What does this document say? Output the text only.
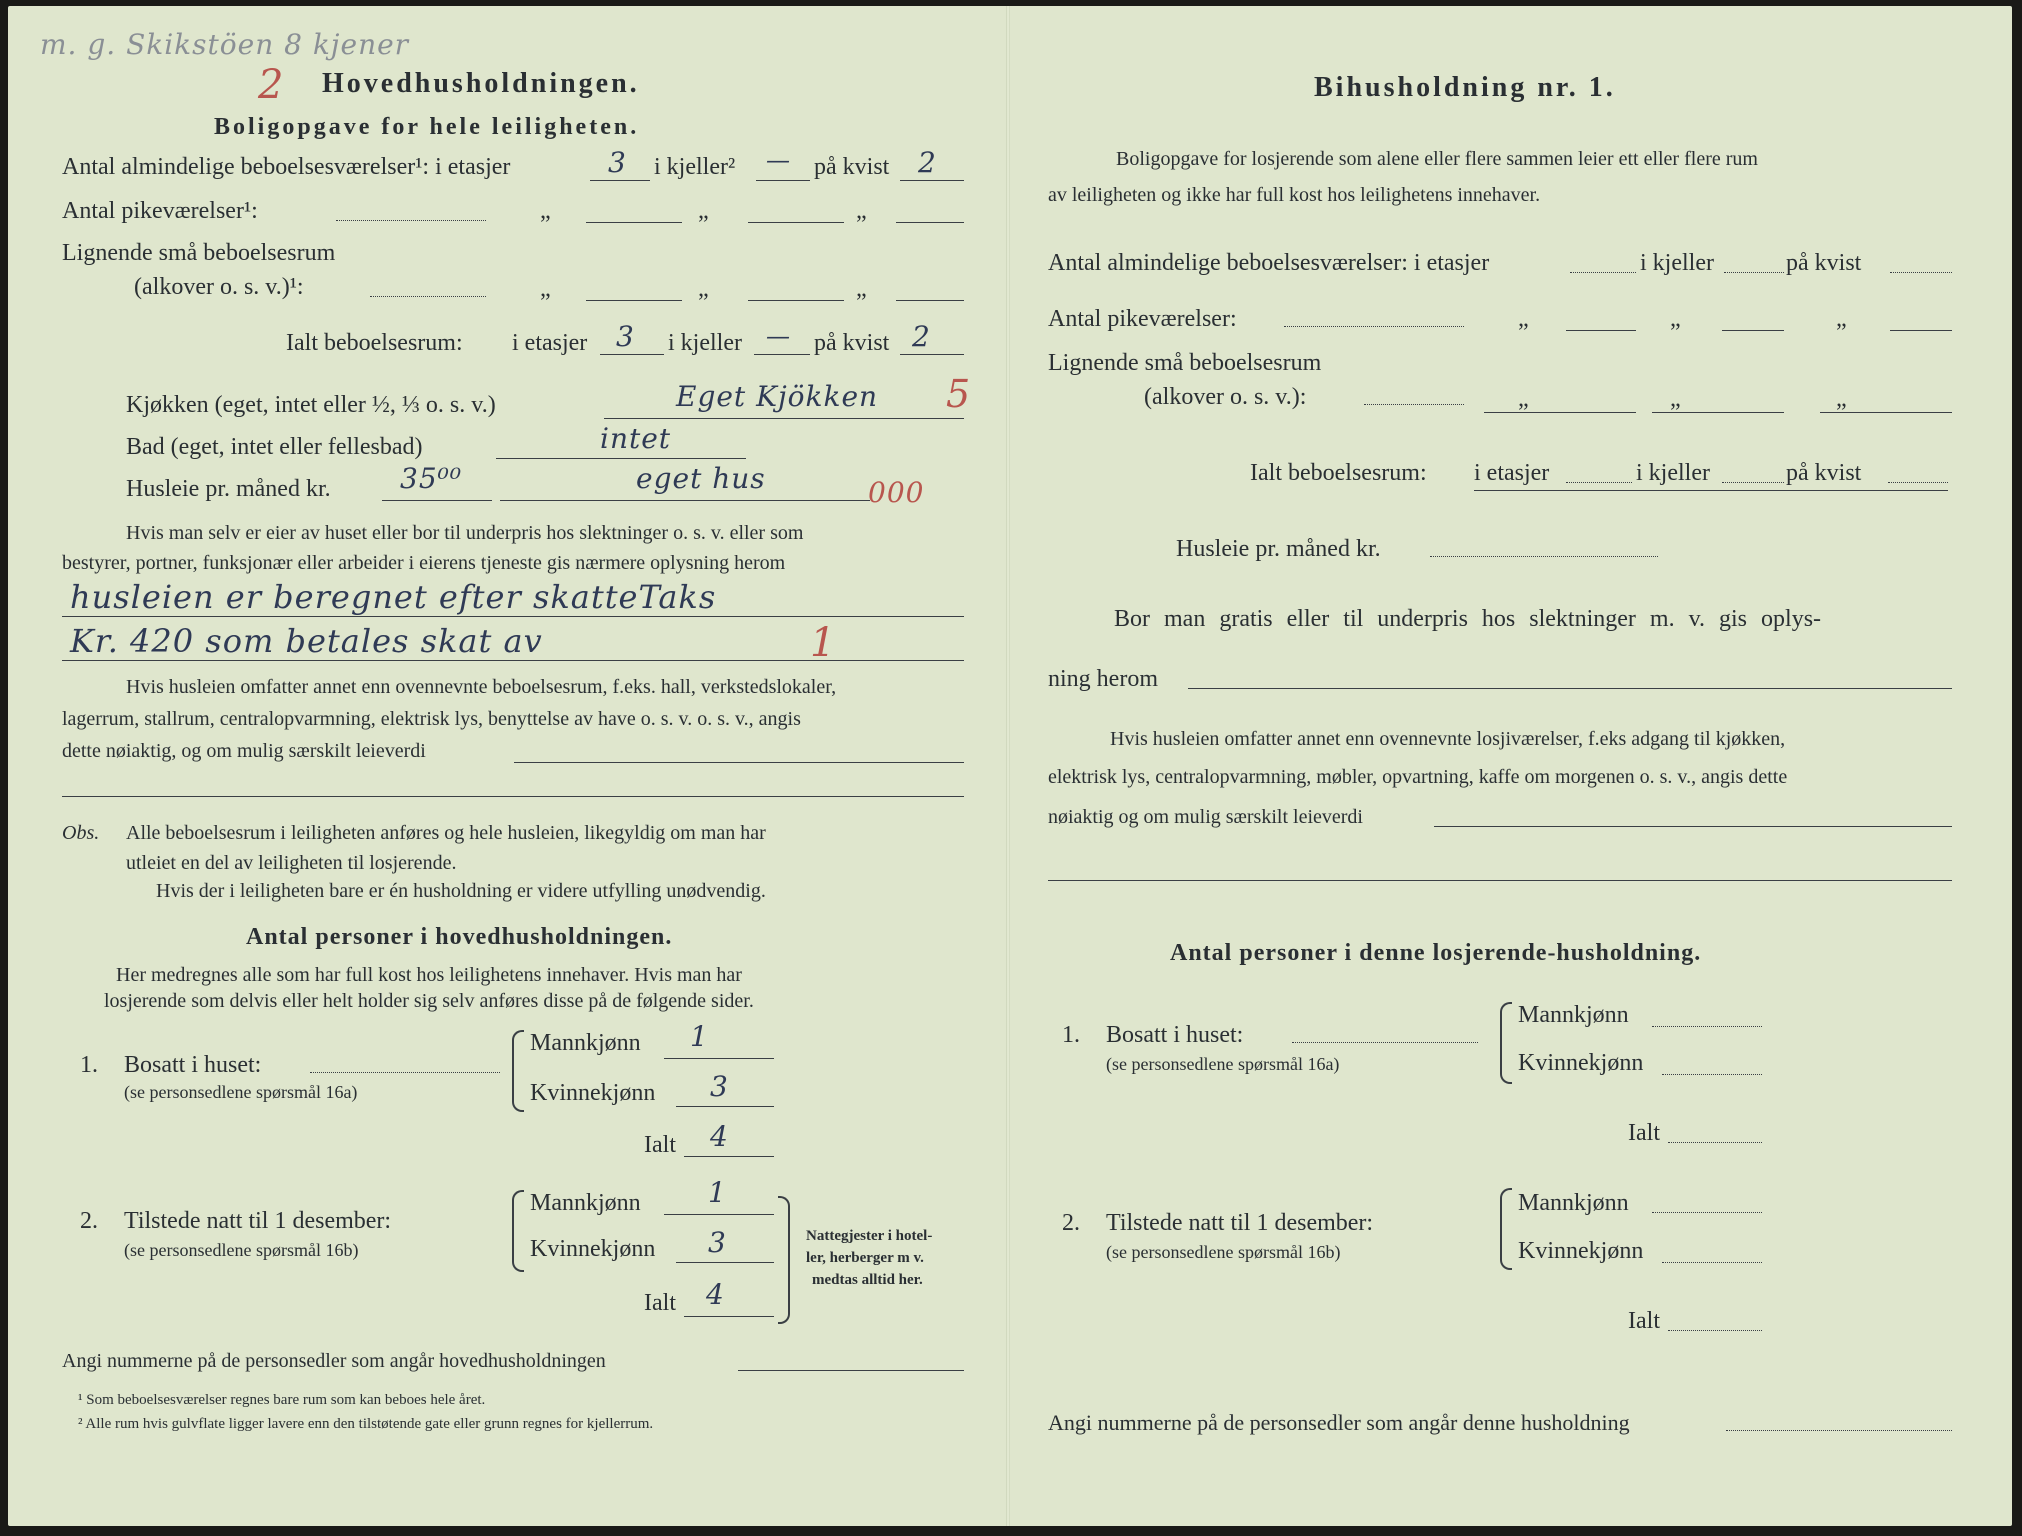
m. g. Skikstöen 8 kjener
2 Hovedhusholdningen.
Boligopgave for hele leiligheten.
Antal almindelige beboelsesværelser¹: i etasjer	3 i kjeller² — på kvist 2
Antal pikeværelser¹:	„	„	„
Lignende små beboelsesrum
(alkover o. s. v.)¹:	„	„	„
Ialt beboelsesrum: i etasjer 3 i kjeller — på kvist 2
Kjøkken (eget, intet eller ½, ⅓ o. s. v.)	Eget Kjökken 5
Bad (eget, intet eller fellesbad)	intet
Husleie pr. måned kr. 35⁰⁰	eget hus	000
Hvis man selv er eier av huset eller bor til underpris hos slektninger o. s. v. eller som
bestyrer, portner, funksjonær eller arbeider i eierens tjeneste gis nærmere oplysning herom
husleien er beregnet efter skatteTaks
Kr. 420 som betales skat av	1
Hvis husleien omfatter annet enn ovennevnte beboelsesrum, f.eks. hall, verkstedslokaler,
lagerrum, stallrum, centralopvarmning, elektrisk lys, benyttelse av have o. s. v. o. s. v., angis
dette nøiaktig, og om mulig særskilt leieverdi
Obs. Alle beboelsesrum i leiligheten anføres og hele husleien, likegyldig om man har
utleiet en del av leiligheten til losjerende.
Hvis der i leiligheten bare er én husholdning er videre utfylling unødvendig.
Antal personer i hovedhusholdningen.
Her medregnes alle som har full kost hos leilighetens innehaver. Hvis man har
losjerende som delvis eller helt holder sig selv anføres disse på de følgende sider.
1. Bosatt i huset:
(se personsedlene spørsmål 16a)
Mannkjønn 1
Kvinnekjønn 3
Ialt 4
2. Tilstede natt til 1 desember:
(se personsedlene spørsmål 16b)
Mannkjønn 1
Kvinnekjønn 3
Ialt 4
Nattegjester i hotel-
ler, herberger m v.
medtas alltid her.
Angi nummerne på de personsedler som angår hovedhusholdningen
¹ Som beboelsesværelser regnes bare rum som kan beboes hele året.
² Alle rum hvis gulvflate ligger lavere enn den tilstøtende gate eller grunn regnes for kjellerrum.
Bihusholdning nr. 1.
Boligopgave for losjerende som alene eller flere sammen leier ett eller flere rum
av leiligheten og ikke har full kost hos leilighetens innehaver.
Antal almindelige beboelsesværelser: i etasjer	i kjeller	på kvist
Antal pikeværelser:	„	„	„
Lignende små beboelsesrum
(alkover o. s. v.):	„	„	„
Ialt beboelsesrum: i etasjer	i kjeller	på kvist
Husleie pr. måned kr.
Bor man gratis eller til underpris hos slektninger m. v. gis oplys-
ning herom
Hvis husleien omfatter annet enn ovennevnte losjiværelser, f.eks adgang til kjøkken,
elektrisk lys, centralopvarmning, møbler, opvartning, kaffe om morgenen o. s. v., angis dette
nøiaktig og om mulig særskilt leieverdi
Antal personer i denne losjerende-husholdning.
1. Bosatt i huset:
(se personsedlene spørsmål 16a)
Mannkjønn
Kvinnekjønn
Ialt
2. Tilstede natt til 1 desember:
(se personsedlene spørsmål 16b)
Mannkjønn
Kvinnekjønn
Ialt
Angi nummerne på de personsedler som angår denne husholdning
